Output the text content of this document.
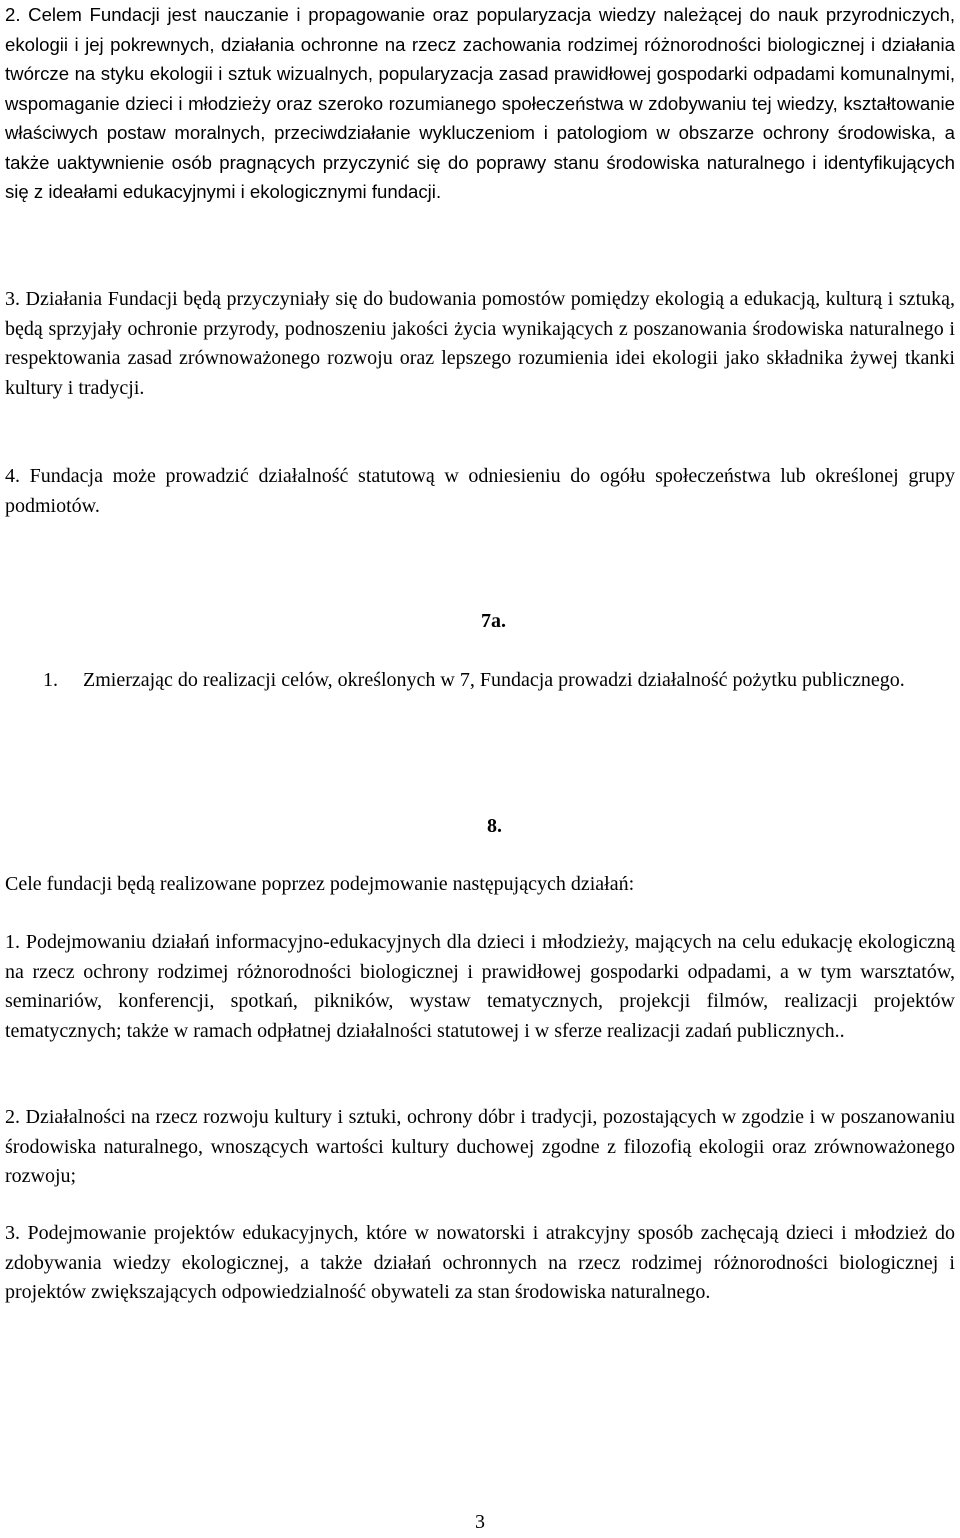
2. Celem Fundacji jest nauczanie i propagowanie oraz popularyzacja wiedzy należącej do nauk przyrodniczych, ekologii i jej pokrewnych, działania ochronne na rzecz zachowania rodzimej różnorodności biologicznej i działania twórcze na styku ekologii i sztuk wizualnych, popularyzacja zasad prawidłowej gospodarki odpadami komunalnymi, wspomaganie dzieci i młodzieży oraz szeroko rozumianego społeczeństwa w zdobywaniu tej wiedzy, kształtowanie właściwych postaw moralnych, przeciwdziałanie wykluczeniom i patologiom w obszarze ochrony środowiska, a także uaktywnienie osób pragnących przyczynić się do poprawy stanu środowiska naturalnego i identyfikujących się z ideałami edukacyjnymi i ekologicznymi fundacji.

3. Działania Fundacji będą przyczyniały się do budowania pomostów pomiędzy ekologią a edukacją, kulturą i sztuką, będą sprzyjały ochronie przyrody, podnoszeniu jakości życia wynikających z poszanowania środowiska naturalnego i respektowania zasad zrównoważonego rozwoju oraz lepszego rozumienia idei ekologii jako składnika żywej tkanki kultury i tradycji.

4. Fundacja może prowadzić działalność statutową w odniesieniu do ogółu społeczeństwa lub określonej grupy podmiotów.

7a.
1.	Zmierzając do realizacji celów, określonych w 7, Fundacja prowadzi działalność pożytku publicznego.

8.

Cele fundacji będą realizowane poprzez podejmowanie następujących działań:

1. Podejmowaniu działań informacyjno-edukacyjnych dla dzieci i młodzieży, mających na celu edukację ekologiczną na rzecz ochrony rodzimej różnorodności biologicznej i prawidłowej gospodarki odpadami, a w tym warsztatów, seminariów, konferencji, spotkań, pikników, wystaw tematycznych, projekcji filmów, realizacji projektów tematycznych; także w ramach odpłatnej działalności statutowej i w sferze realizacji zadań publicznych..

2. Działalności na rzecz rozwoju kultury i sztuki, ochrony dóbr i tradycji, pozostających w zgodzie i w poszanowaniu środowiska naturalnego, wnoszących wartości kultury duchowej zgodne z filozofią ekologii oraz zrównoważonego rozwoju;

3. Podejmowanie projektów edukacyjnych, które w nowatorski i atrakcyjny sposób zachęcają dzieci i młodzież do zdobywania wiedzy ekologicznej, a także działań ochronnych na rzecz rodzimej różnorodności biologicznej i projektów zwiększających odpowiedzialność obywateli za stan środowiska naturalnego.

3
